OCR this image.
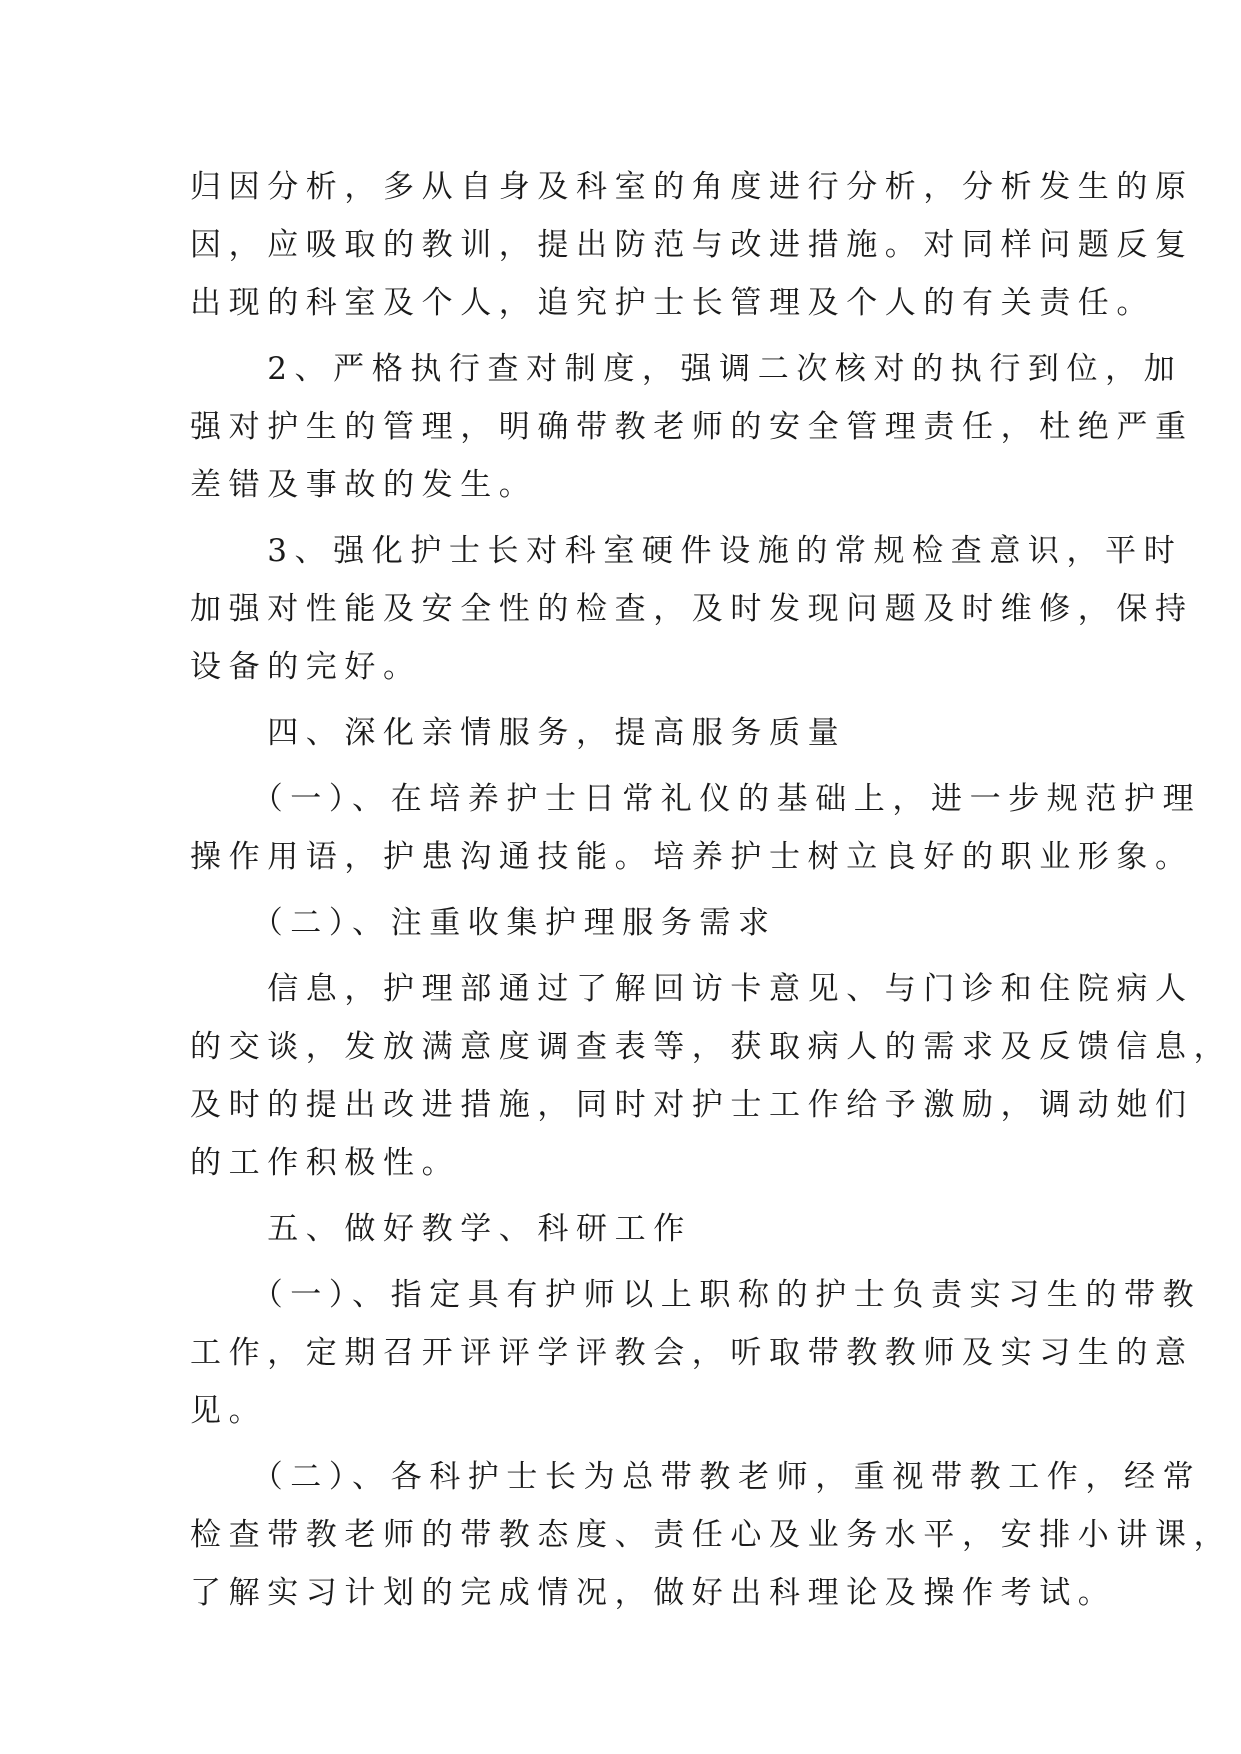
归因分析，多从自身及科室的角度进行分析，分析发生的原
因，应吸取的教训，提出防范与改进措施。对同样问题反复
出现的科室及个人，追究护士长管理及个人的有关责任。

　　2、严格执行查对制度，强调二次核对的执行到位，加
强对护生的管理，明确带教老师的安全管理责任，杜绝严重
差错及事故的发生。

　　3、强化护士长对科室硬件设施的常规检查意识，平时
加强对性能及安全性的检查，及时发现问题及时维修，保持
设备的完好。

　　四、深化亲情服务，提高服务质量

　　（一）、在培养护士日常礼仪的基础上，进一步规范护理
操作用语，护患沟通技能。培养护士树立良好的职业形象。

　　（二）、注重收集护理服务需求

　　信息，护理部通过了解回访卡意见、与门诊和住院病人
的交谈，发放满意度调查表等，获取病人的需求及反馈信息，
及时的提出改进措施，同时对护士工作给予激励，调动她们
的工作积极性。

　　五、做好教学、科研工作

　　（一）、指定具有护师以上职称的护士负责实习生的带教
工作，定期召开评评学评教会，听取带教教师及实习生的意
见。

　　（二）、各科护士长为总带教老师，重视带教工作，经常
检查带教老师的带教态度、责任心及业务水平，安排小讲课，
了解实习计划的完成情况，做好出科理论及操作考试。
